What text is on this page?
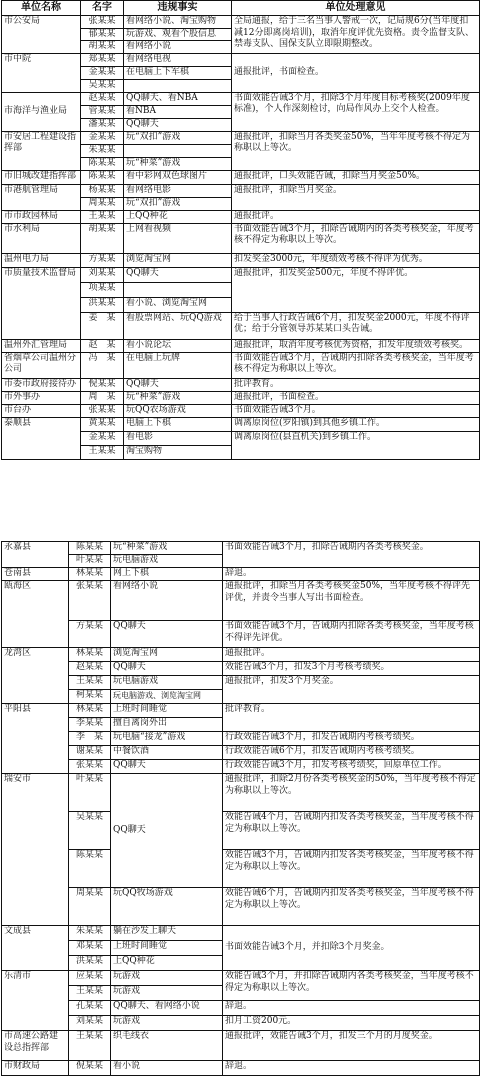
单位名称	名字	违规事实	单位处理意见
市公安局	张某某	看网络小说、淘宝购物	全局通报，给于三名当事人警戒一次，记局规6分(当年度扣减12分即离岗培训)，取消年度评优先资格。责令监督支队、禁毒支队、国保支队立即限期整改。
	郁某某	玩游戏、观看个股信息	
	胡某某	看网络小说	
市中院	郑某某	看网络电视	通报批评，书面检查。
	金某某	在电脑上下军棋	
	吴某某		
市海洋与渔业局	赵某某	QQ聊天、看NBA	书面效能告诫3个月，扣除3个月年度目标考核奖(2009年度标准)，个人作深刻检讨，向局作风办上交个人检查。
	管某某	看NBA	
	潘某某	QQ聊天	
市安居工程建设指挥部	金某某	玩“双扣”游戏	通报批评，扣除当月各类奖金50%，当年年度考核不得定为称职以上等次。
	朱某某		
	陈某某	玩“种菜”游戏	
市旧城改建指挥部	陈某某	看中彩网双色球图片	通报批评，口头效能告诫，扣除当月奖金50%。
市港航管理局	杨某某	看网络电影	通报批评，扣除当月奖金。
	周某某	玩“双扣”游戏	
市市政园林局	王某某	上QQ种花	通报批评。
市水利局	胡某某	上网看视频	书面效能告诫3个月，扣除告诫期内的各类考核奖金，年度考核不得定为称职以上等次。
温州电力局	方某某	浏览淘宝网	扣发奖金3000元，年度绩效考核不得评为优秀。
市质量技术监督局	刘某某	QQ聊天	通报批评，扣发奖金500元，年度不得评优。
	项某某		
	洪某某	看小说、浏览淘宝网	
	姜　某	看股票网站、玩QQ游戏	给于当事人行政告诫6个月，扣发奖金2000元，年度不得评优；给于分管领导苏某某口头告诫。
温州外汇管理局	赵　某	看小说论坛	通报批评，取消年度考核优秀资格，扣发年度绩效考核奖。
省烟草公司温州分公司	冯　某	在电脑上玩牌	书面效能告诫3个月，告诫期内扣除各类考核奖金，当年度考核不得定为称职以上等次。
市委市政府接待办	倪某某	QQ聊天	批评教育。
市外事办	周　某	玩“种菜”游戏	通报批评，书面检查。
市台办	张某某	玩QQ农场游戏	书面效能告诫3个月。
泰顺县	黄某某	电脑上下棋	调离原岗位(罗阳镇)到其他乡镇工作。
	金某某	看电影	调离原岗位(县直机关)到乡镇工作。
	王某某	淘宝购物	
永嘉县	陈某某	玩“种菜”游戏	书面效能告诫3个月，扣除告诫期内各类考核奖金。
	叶某某	玩电脑游戏	
苍南县	林某某	网上下棋	辞退。
瓯海区	张某某	看网络小说	通报批评，扣除当月各类考核奖金50%，当年度考核不得评先评优，并责令当事人写出书面检查。
	方某某	QQ聊天	书面效能告诫3个月，告诫期内扣除各类考核奖金，当年度考核不得评先评优。
龙湾区	林某某	浏览淘宝网	通报批评。
	赵某某	QQ聊天	效能告诫3个月，扣发3个月考核考绩奖。
	王某某	玩电脑游戏	通报批评，扣发3个月奖金。
	柯某某	玩电脑游戏、浏览淘宝网	
平阳县	林某某	上班时间睡觉	批评教育。
	李某某	擅自离岗外出	
	李　某	玩电脑“接龙”游戏	行政效能告诫3个月，扣发告诫期内考核考绩奖。
	谢某某	中餐饮酒	行政效能告诫6个月，扣发告诫期内考核考绩奖。
	张某某	QQ聊天	行政效能告诫3个月，扣发考核考绩奖，回原单位工作。
瑞安市	叶某某	QQ聊天	通报批评，扣除2月份各类考核奖金的50%，当年度考核不得定为称职以上等次。
	吴某某		效能告诫4个月，告诫期内扣发各类考核奖金，当年度考核不得定为称职以上等次。
	陈某某		效能告诫3个月，告诫期内扣发各类考核奖金，当年度考核不得定为称职以上等次。
	周某某	玩QQ牧场游戏	效能告诫6个月，告诫期内扣发各类考核奖金，当年度考核不得定为称职以上等次。
文成县	朱某某	躺在沙发上聊天	书面效能告诫3个月，并扣除3个月奖金。
	邓某某	上班时间睡觉	
	洪某某	上QQ种花	
乐清市	应某某	玩游戏	效能告诫3个月，并扣除告诫期内各类考核奖金，当年度考核不得定为称职以上等次。
	王某某	玩游戏	
	孔某某	QQ聊天、看网络小说	辞退。
	刘某某	玩游戏	扣月工资200元。
市高速公路建设总指挥部	王某某	织毛线衣	通报批评，效能告诫3个月，扣发三个月的月度奖金。
市财政局	倪某某	看小说	辞退。
